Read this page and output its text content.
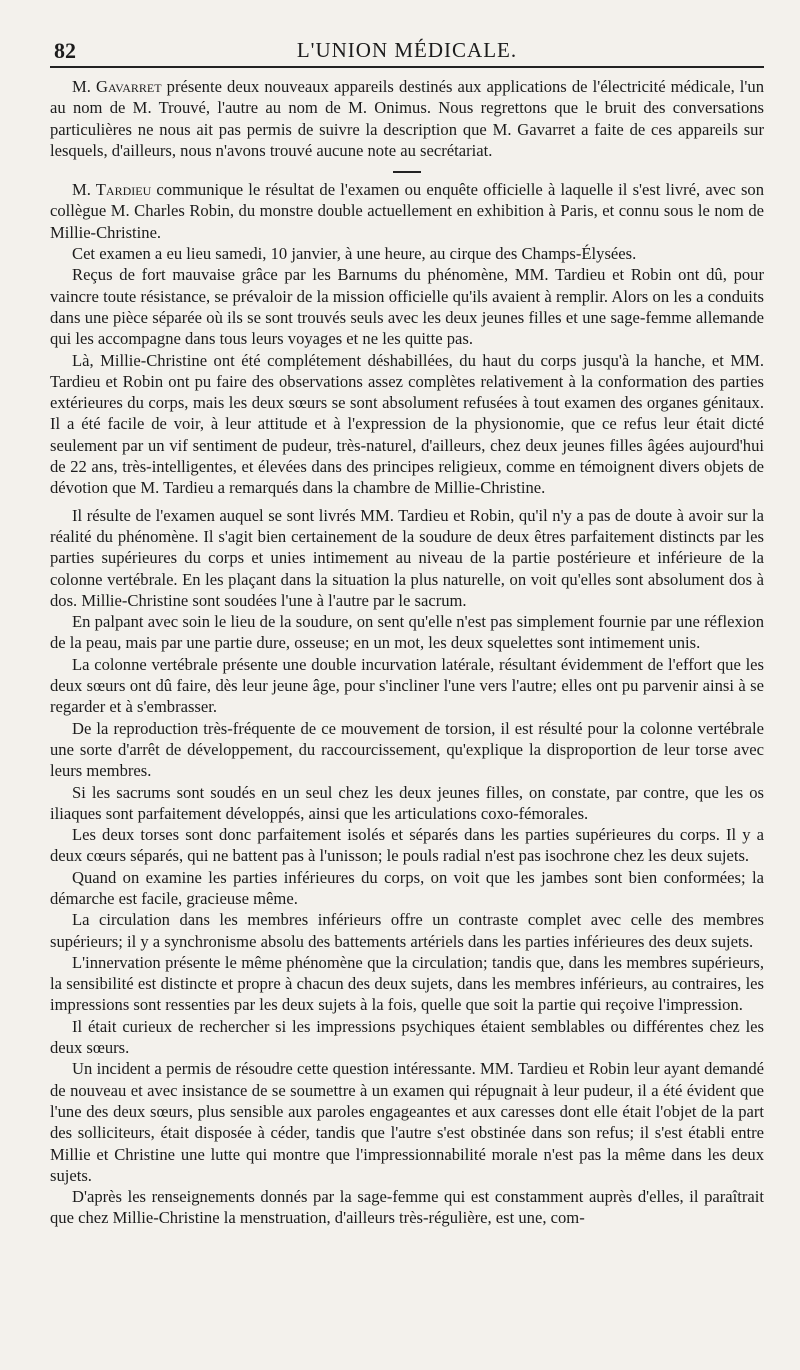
82	L'UNION MÉDICALE.

M. Gavarret présente deux nouveaux appareils destinés aux applications de l'électricité médicale, l'un au nom de M. Trouvé, l'autre au nom de M. Onimus. Nous regrettons que le bruit des conversations particulières ne nous ait pas permis de suivre la description que M. Gavarret a faite de ces appareils sur lesquels, d'ailleurs, nous n'avons trouvé aucune note au secrétariat.

M. Tardieu communique le résultat de l'examen ou enquête officielle à laquelle il s'est livré, avec son collègue M. Charles Robin, du monstre double actuellement en exhibition à Paris, et connu sous le nom de Millie-Christine.

Cet examen a eu lieu samedi, 10 janvier, à une heure, au cirque des Champs-Élysées.

Reçus de fort mauvaise grâce par les Barnums du phénomène, MM. Tardieu et Robin ont dû, pour vaincre toute résistance, se prévaloir de la mission officielle qu'ils avaient à remplir. Alors on les a conduits dans une pièce séparée où ils se sont trouvés seuls avec les deux jeunes filles et une sage-femme allemande qui les accompagne dans tous leurs voyages et ne les quitte pas.

Là, Millie-Christine ont été complétement déshabillées, du haut du corps jusqu'à la hanche, et MM. Tardieu et Robin ont pu faire des observations assez complètes relativement à la conformation des parties extérieures du corps, mais les deux sœurs se sont absolument refusées à tout examen des organes génitaux. Il a été facile de voir, à leur attitude et à l'expression de la physionomie, que ce refus leur était dicté seulement par un vif sentiment de pudeur, très-naturel, d'ailleurs, chez deux jeunes filles âgées aujourd'hui de 22 ans, très-intelligentes, et élevées dans des principes religieux, comme en témoignent divers objets de dévotion que M. Tardieu a remarqués dans la chambre de Millie-Christine.

Il résulte de l'examen auquel se sont livrés MM. Tardieu et Robin, qu'il n'y a pas de doute à avoir sur la réalité du phénomène. Il s'agit bien certainement de la soudure de deux êtres parfaitement distincts par les parties supérieures du corps et unies intimement au niveau de la partie postérieure et inférieure de la colonne vertébrale. En les plaçant dans la situation la plus naturelle, on voit qu'elles sont absolument dos à dos. Millie-Christine sont soudées l'une à l'autre par le sacrum.

En palpant avec soin le lieu de la soudure, on sent qu'elle n'est pas simplement fournie par une réflexion de la peau, mais par une partie dure, osseuse; en un mot, les deux squelettes sont intimement unis.

La colonne vertébrale présente une double incurvation latérale, résultant évidemment de l'effort que les deux sœurs ont dû faire, dès leur jeune âge, pour s'incliner l'une vers l'autre; elles ont pu parvenir ainsi à se regarder et à s'embrasser.

De la reproduction très-fréquente de ce mouvement de torsion, il est résulté pour la colonne vertébrale une sorte d'arrêt de développement, du raccourcissement, qu'explique la disproportion de leur torse avec leurs membres.

Si les sacrums sont soudés en un seul chez les deux jeunes filles, on constate, par contre, que les os iliaques sont parfaitement développés, ainsi que les articulations coxo-fémorales.

Les deux torses sont donc parfaitement isolés et séparés dans les parties supérieures du corps. Il y a deux cœurs séparés, qui ne battent pas à l'unisson; le pouls radial n'est pas isochrone chez les deux sujets.

Quand on examine les parties inférieures du corps, on voit que les jambes sont bien conformées; la démarche est facile, gracieuse même.

La circulation dans les membres inférieurs offre un contraste complet avec celle des membres supérieurs; il y a synchronisme absolu des battements artériels dans les parties inférieures des deux sujets.

L'innervation présente le même phénomène que la circulation; tandis que, dans les membres supérieurs, la sensibilité est distincte et propre à chacun des deux sujets, dans les membres inférieurs, au contraires, les impressions sont ressenties par les deux sujets à la fois, quelle que soit la partie qui reçoive l'impression.

Il était curieux de rechercher si les impressions psychiques étaient semblables ou différentes chez les deux sœurs.

Un incident a permis de résoudre cette question intéressante. MM. Tardieu et Robin leur ayant demandé de nouveau et avec insistance de se soumettre à un examen qui répugnait à leur pudeur, il a été évident que l'une des deux sœurs, plus sensible aux paroles engageantes et aux caresses dont elle était l'objet de la part des solliciteurs, était disposée à céder, tandis que l'autre s'est obstinée dans son refus; il s'est établi entre Millie et Christine une lutte qui montre que l'impressionnabilité morale n'est pas la même dans les deux sujets.

D'après les renseignements donnés par la sage-femme qui est constamment auprès d'elles, il paraîtrait que chez Millie-Christine la menstruation, d'ailleurs très-régulière, est une, com-
